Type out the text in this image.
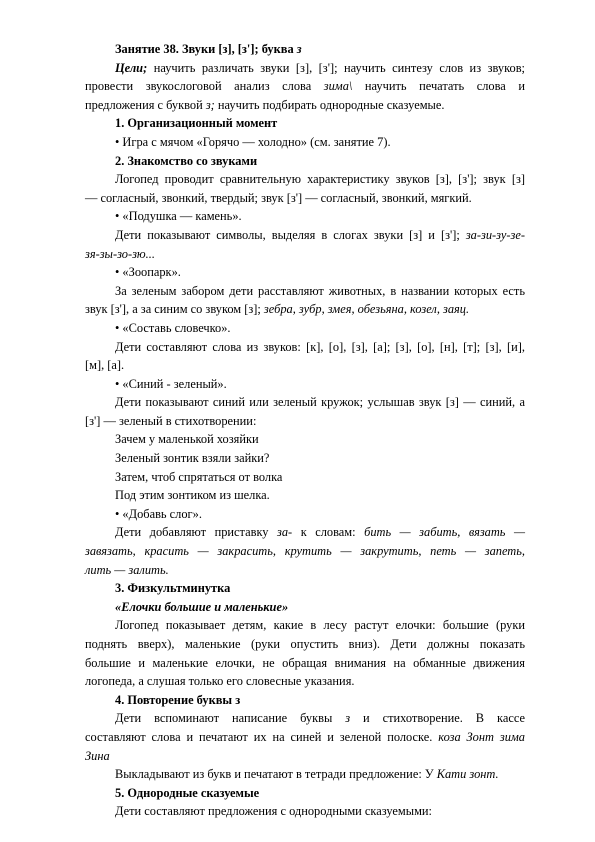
Занятие 38. Звуки [з], [з']; буква з
Цели; научить различать звуки [з], [з']; научить синтезу слов из звуков;
провести звукослоговой анализ слова зима\ научить печатать слова и
предложения с буквой з; научить подбирать однородные сказуемые.
1. Организационный момент
• Игра с мячом «Горячо — холодно» (см. занятие 7).
2. Знакомство со звуками
Логопед проводит сравнительную характеристику звуков [з], [з']; звук [з]
— согласный, звонкий, твердый; звук [з'] — согласный, звонкий, мягкий.
• «Подушка — камень».
Дети показывают символы, выделяя в слогах звуки [з] и [з']; за-зи-зу-зе-
зя-зы-зо-зю...
• «Зоопарк».
За зеленым забором дети расставляют животных, в названии которых есть
звук [з'], а за синим со звуком [з]; зебра, зубр, змея, обезьяна, козел, заяц.
• «Составь словечко».
Дети составляют слова из звуков: [к], [о], [з], [а]; [з], [о], [н], [т]; [з], [и],
[м], [а].
• «Синий - зеленый».
Дети показывают синий или зеленый кружок; услышав звук [з] — синий, а
[з'] — зеленый в стихотворении:
Зачем у маленькой хозяйки
Зеленый зонтик взяли зайки?
Затем, чтоб спрятаться от волка
Под этим зонтиком из шелка.
• «Добавь слог».
Дети добавляют приставку за- к словам: бить — забить, вязать —
завязать, красить — закрасить, крутить — закрутить, петь — запеть,
лить — залить.
3. Физкультминутка
«Елочки большие и маленькие»
Логопед показывает детям, какие в лесу растут елочки: большие (руки
поднять вверх), маленькие (руки опустить вниз). Дети должны показать
большие и маленькие елочки, не обращая внимания на обманные движения
логопеда, а слушая только его словесные указания.
4. Повторение буквы з
Дети вспоминают написание буквы з и стихотворение. В кассе
составляют слова и печатают их на синей и зеленой полоске. коза Зонт зима
Зина
Выкладывают из букв и печатают в тетради предложение: У Кати зонт.
5. Однородные сказуемые
Дети составляют предложения с однородными сказуемыми:
